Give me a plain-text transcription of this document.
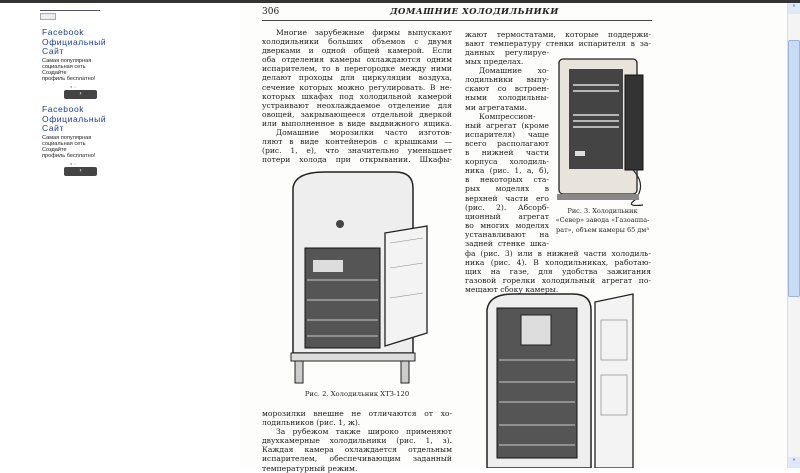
Facebook
Официальный
Сайт
Самая популярная
социальная сеть Создайте
профиль бесплатно!
● ○
›
Facebook
Официальный
Сайт
Самая популярная
социальная сеть Создайте
профиль бесплатно!
● ○
›
306	ДОМАШНИЕ ХОЛОДИЛЬНИКИ
Многие зарубежные фирмы выпускают
холодильники больших объемов с двумя
дверками и одной общей камерой. Если
оба отделения камеры охлаждаются одним
испарителем, то в перегородке между ними
делают проходы для циркуляции воздуха,
сечение которых можно регулировать. В не-
которых шкафах под холодильной камерой
устраивают неохлаждаемое отделение для
овощей, закрывающееся отдельной дверкой
или выполненное в виде выдвижного ящика.
Домашние морозилки часто изготов-
ляют в виде контейнеров с крышками —
(рис. 1, е), что значительно уменьшает
потери холода при открывании. Шкафы-
морозилки внешне не отличаются от хо-
лодильников (рис. 1, ж).
За рубежом также широко применяют
двухкамерные холодильники (рис. 1, з).
Каждая камера охлаждается отдельным
испарителем, обеспечивающим заданный
температурный режим.
жают термостатами, которые поддержи-
вают температуру стенки испарителя в за-
данных регулируе-
мых пределах.
Домашние хо-
лодильники выпу-
скают со встроен-
ными холодильны-
ми агрегатами.
Компрессион-
ный агрегат (кроме
испарителя) чаще
всего располагают
в нижней части
корпуса холодиль-
ника (рис. 1, а, б),
в некоторых ста-
рых моделях в
верхней части его
(рис. 2). Абсорб-
ционный агрегат
во многих моделях
устанавливают на
задней стенке шка-
фа (рис. 3) или в нижней части холодиль-
ника (рис. 4). В холодильниках, работаю-
щих на газе, для удобства зажигания
газовой горелки холодильный агрегат по-
мещают сбоку камеры.
Рис. 2. Холодильник ХТЗ-120
Рис. 3. Холодильник
«Север» завода «Газоаппа-
рат», объем камеры 65 дм³
˄
˅
